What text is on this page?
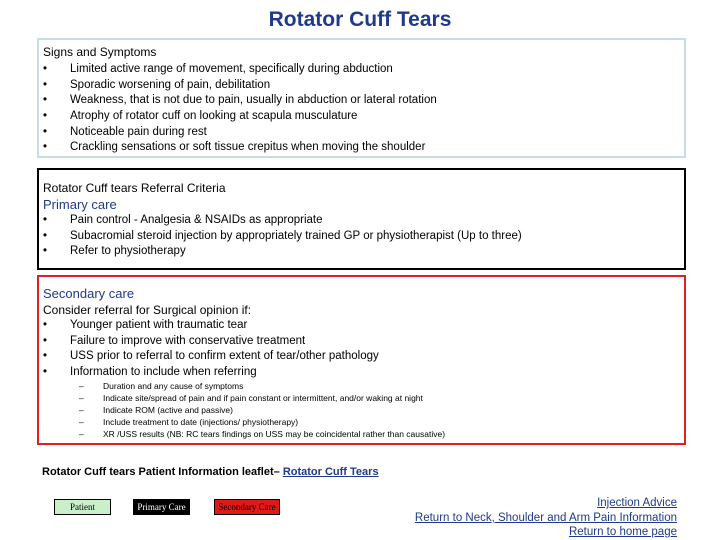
Rotator Cuff Tears
Signs and Symptoms
• Limited active range of movement, specifically during abduction
• Sporadic worsening of pain, debilitation
• Weakness, that is not due to pain, usually in abduction or lateral rotation
• Atrophy of rotator cuff on looking at scapula musculature
• Noticeable pain during rest
• Crackling sensations or soft tissue crepitus when moving the shoulder
Rotator Cuff tears Referral Criteria
Primary care
• Pain control - Analgesia & NSAIDs as appropriate
• Subacromial steroid injection by appropriately trained GP or physiotherapist (Up to three)
• Refer to physiotherapy
Secondary care
Consider referral for Surgical opinion if:
• Younger patient with traumatic tear
• Failure to improve with conservative treatment
• USS prior to referral to confirm extent of tear/other pathology
• Information to include when referring
– Duration and any cause of symptoms
– Indicate site/spread of pain and if pain constant or intermittent, and/or waking at night
– Indicate ROM (active and passive)
– Include treatment to date (injections/ physiotherapy)
– XR /USS results (NB: RC tears findings on USS may be coincidental rather than causative)
Rotator Cuff tears Patient Information leaflet– Rotator Cuff Tears
Patient	Primary Care	Secondary Care	Injection Advice
Return to Neck, Shoulder and Arm Pain Information
Return to home page
